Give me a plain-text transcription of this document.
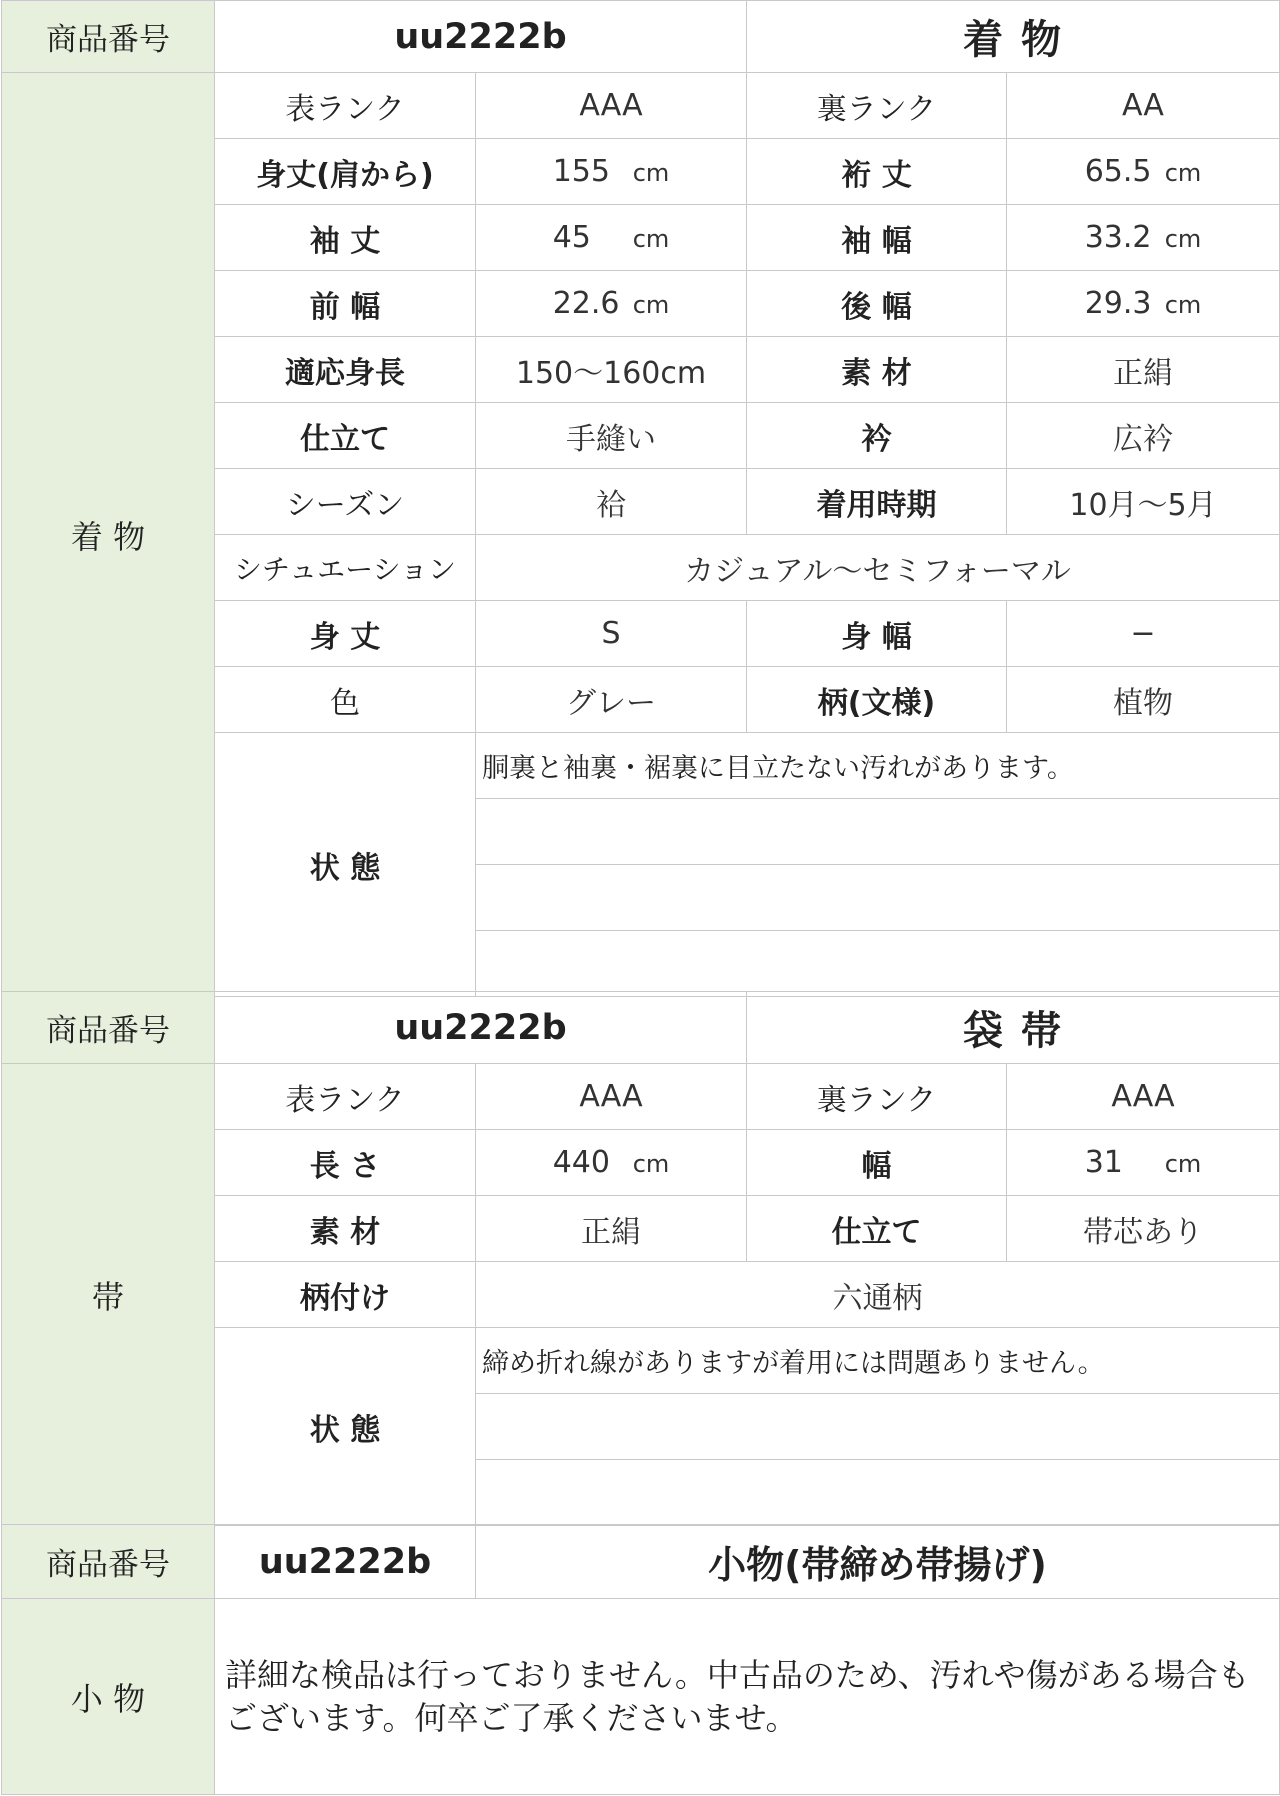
商品番号	uu2222b		着 物	
着 物	表ランク	AAA	裏ランク	AA
	身丈(肩から)	155 cm	裄 丈	65.5 cm
	袖 丈	45 cm	袖 幅	33.2 cm
	前 幅	22.6 cm	後 幅	29.3 cm
	適応身長	150〜160cm	素 材	正絹
	仕立て	手縫い	衿	広衿
	シーズン	袷	着用時期	10月〜5月
	シチュエーション	カジュアル〜セミフォーマル		
	身 丈	S	身 幅	−
	色	グレー	柄(文様)	植物
	状 態	胴裏と袖裏・裾裏に目立たない汚れがあります。		

商品番号	uu2222b		袋 帯	
帯	表ランク	AAA	裏ランク	AAA
	長 さ	440 cm	幅	31 cm
	素 材	正絹	仕立て	帯芯あり
	柄付け	六通柄		
	状 態	締め折れ線がありますが着用には問題ありません。		

商品番号	uu2222b	小物(帯締め帯揚げ)
小 物	詳細な検品は行っておりません。中古品のため、汚れや傷がある場合もございます。何卒ご了承くださいませ。	
